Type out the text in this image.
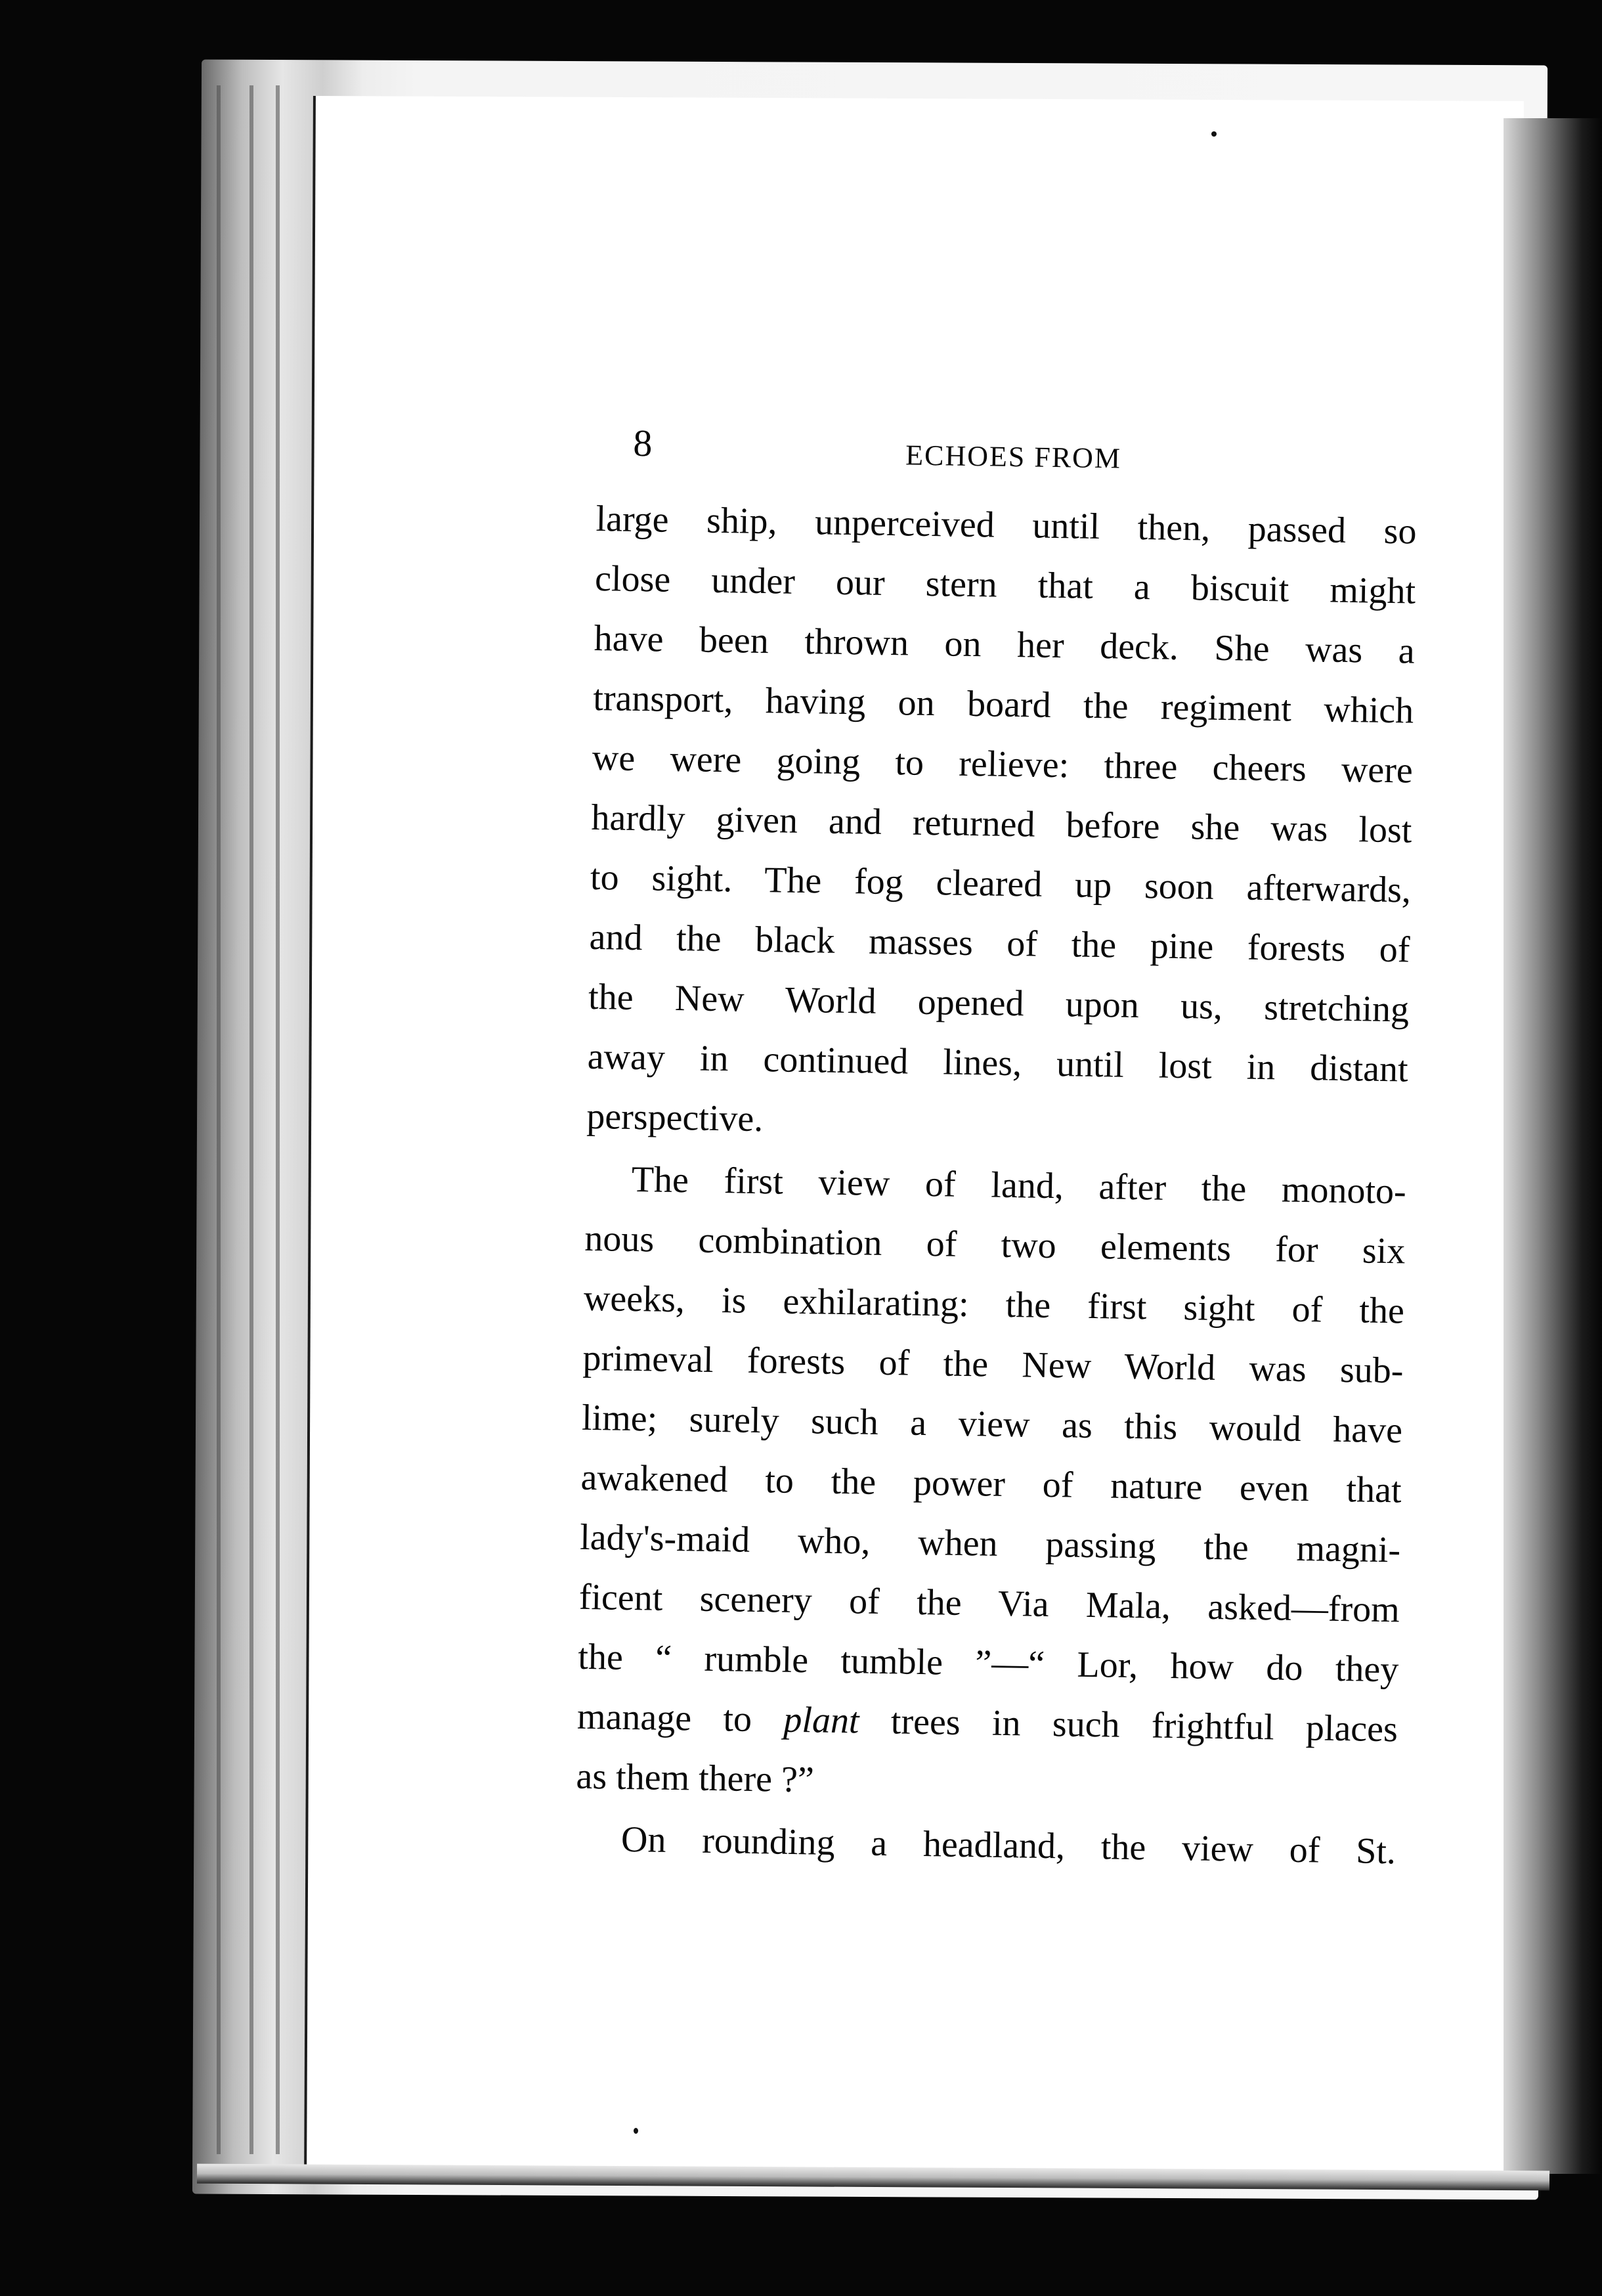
8	ECHOES FROM
large ship, unperceived until then, passed so
close under our stern that a biscuit might
have been thrown on her deck. She was a
transport, having on board the regiment which
we were going to relieve: three cheers were
hardly given and returned before she was lost
to sight. The fog cleared up soon afterwards,
and the black masses of the pine forests of
the New World opened upon us, stretching
away in continued lines, until lost in distant
perspective.
The first view of land, after the monoto-
nous combination of two elements for six
weeks, is exhilarating: the first sight of the
primeval forests of the New World was sub-
lime; surely such a view as this would have
awakened to the power of nature even that
lady's-maid who, when passing the magni-
ficent scenery of the Via Mala, asked—from
the “ rumble tumble ”—“ Lor, how do they
manage to plant trees in such frightful places
as them there ?”
On rounding a headland, the view of St.
